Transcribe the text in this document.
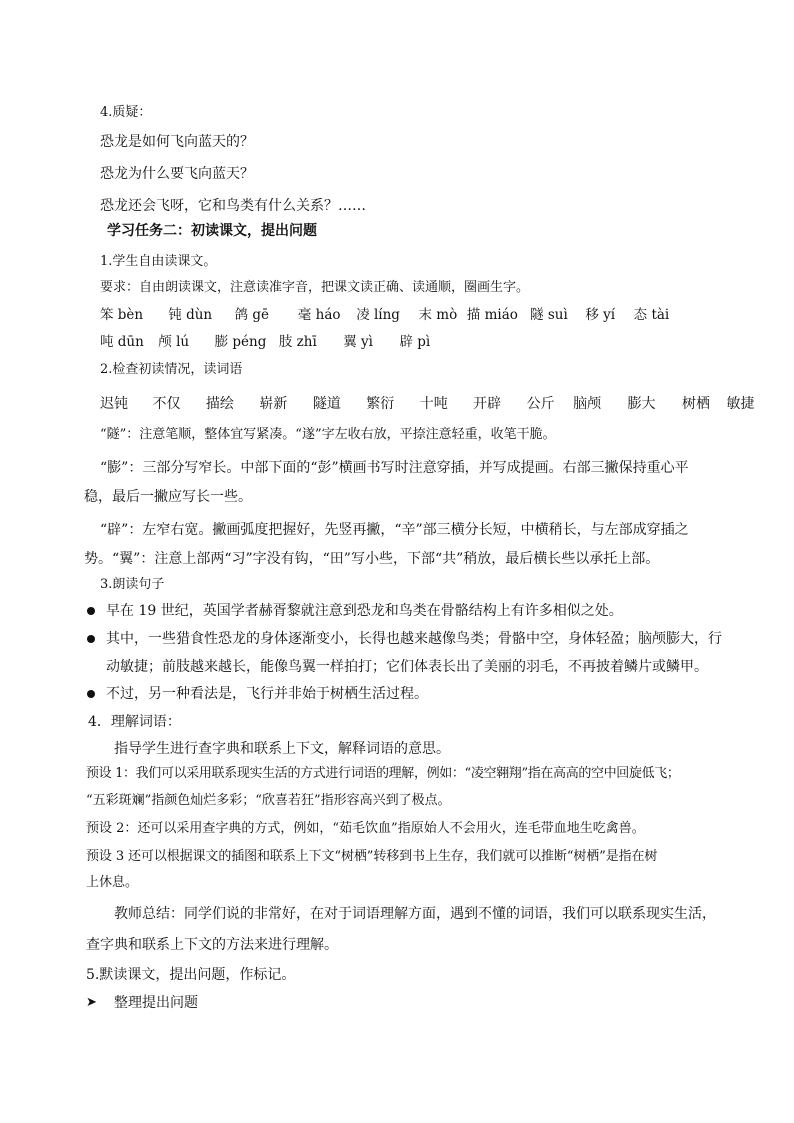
4.质疑：
恐龙是如何飞向蓝天的？
恐龙为什么要飞向蓝天？
恐龙还会飞呀，它和鸟类有什么关系？……
学习任务二：初读课文，提出问题
1.学生自由读课文。
要求：自由朗读课文，注意读准字音，把课文读正确、读通顺，圈画生字。
笨 bèn 钝 dùn 鸽 gē 毫 háo 凌 líng 末 mò 描 miáo 隧 suì 移 yí 态 tài
吨 dūn 颅 lú 膨 péng 肢 zhī 翼 yì 辟 pì
2.检查初读情况，读词语
迟钝 不仅 描绘 崭新 隧道 繁衍 十吨 开辟 公斤 脑颅 膨大 树栖 敏捷
“隧”：注意笔顺，整体宜写紧凑。“遂”字左收右放，平捺注意轻重，收笔干脆。
“膨”：三部分写窄长。中部下面的“彭”横画书写时注意穿插，并写成提画。右部三撇保持重心平
稳，最后一撇应写长一些。
“辟”：左窄右宽。撇画弧度把握好，先竖再撇，“辛”部三横分长短，中横稍长，与左部成穿插之
势。“翼”：注意上部两“习”字没有钩，“田”写小些，下部“共”稍放，最后横长些以承托上部。
3.朗读句子
早在 19 世纪，英国学者赫胥黎就注意到恐龙和鸟类在骨骼结构上有许多相似之处。
其中，一些猎食性恐龙的身体逐渐变小，长得也越来越像鸟类；骨骼中空，身体轻盈；脑颅膨大，行
动敏捷；前肢越来越长，能像鸟翼一样拍打；它们体表长出了美丽的羽毛，不再披着鳞片或鳞甲。
不过，另一种看法是，飞行并非始于树栖生活过程。
4．理解词语：
指导学生进行查字典和联系上下文，解释词语的意思。
预设 1：我们可以采用联系现实生活的方式进行词语的理解，例如：“凌空翱翔”指在高高的空中回旋低飞；
“五彩斑斓”指颜色灿烂多彩；“欣喜若狂”指形容高兴到了极点。
预设 2：还可以采用查字典的方式，例如，“茹毛饮血”指原始人不会用火，连毛带血地生吃禽兽。
预设 3 还可以根据课文的插图和联系上下文“树栖”转移到书上生存，我们就可以推断“树栖”是指在树
上休息。
教师总结：同学们说的非常好，在对于词语理解方面，遇到不懂的词语，我们可以联系现实生活，
查字典和联系上下文的方法来进行理解。
5.默读课文，提出问题，作标记。
➤ 整理提出问题
